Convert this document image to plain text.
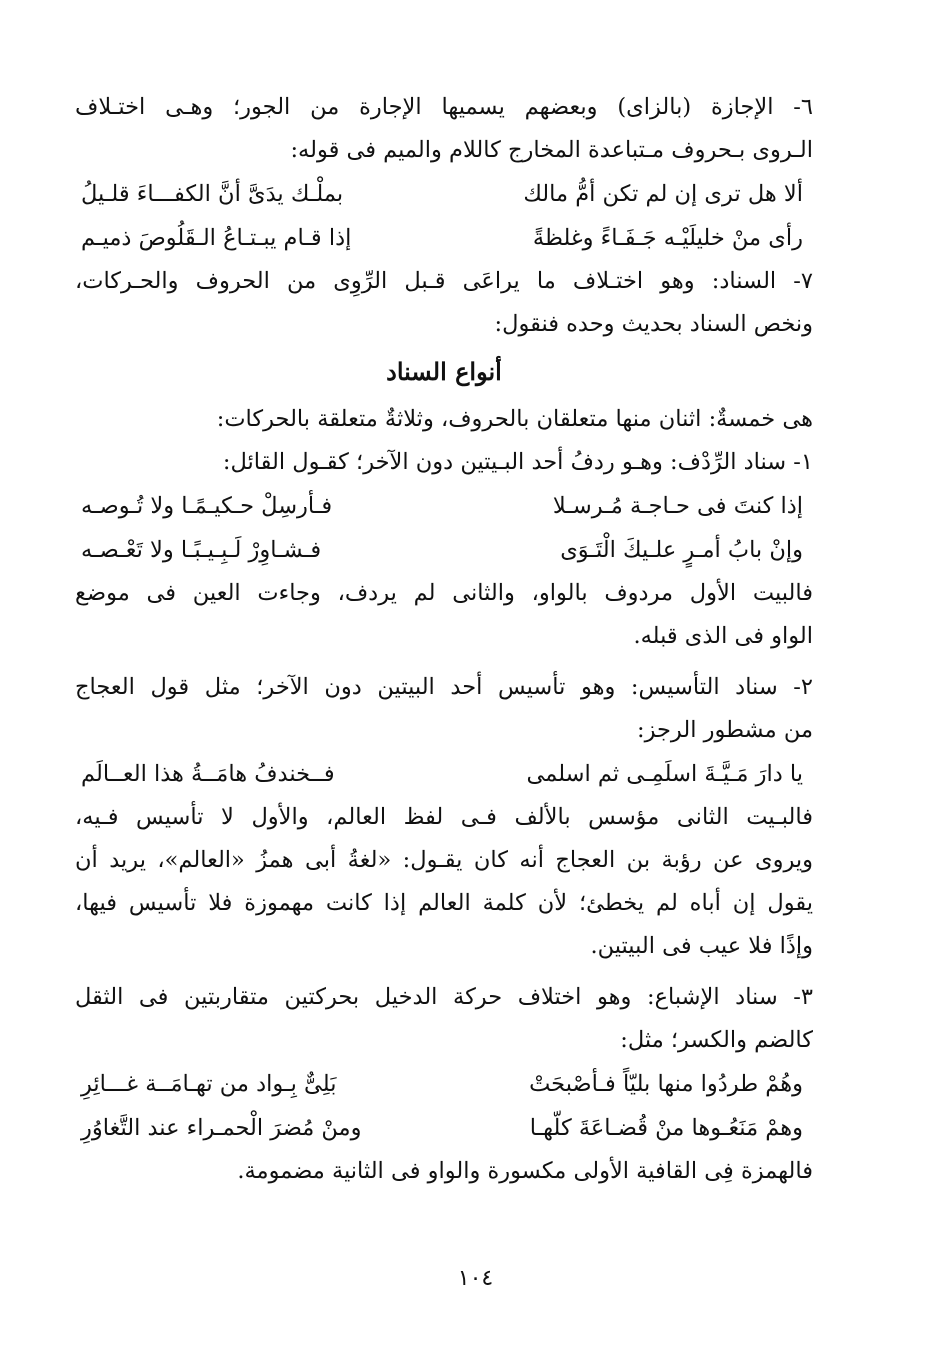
٦- الإجازة (بالزاى) وبعضهم يسميها الإجارة من الجور؛ وهـى اختـلاف
الـروى بـحروف مـتباعدة المخارج كاللام والميم فى قوله:
ألا هل ترى إن لم تكن أمُّ مالك
بملْـك يدَىَّ أنَّ الكفـــاءَ قلـيلُ
رأى منْ خليلَيْـه جَـفَـاءً وغلظةً
إذا قـام يبـتـاعُ الـقَلُوصَ ذميـم
٧- السناد: وهو اختـلاف ما يراعَى قـبل الرِّوِى من الحروف والحـركات،
ونخص السناد بحديث وحده فنقول:
أنواع السناد
هى خمسةٌ: اثنان منها متعلقان بالحروف، وثلاثةٌ متعلقة بالحركات:
١- سناد الرِّدْف: وهـو ردفُ أحد البـيتين دون الآخر؛ كقـول القائل:
إذا كنتَ فى حـاجـة مُـرسـلا
فـأرسِلْ حـكيـمًـا ولا تُـوصـه
وإنْ بابُ أمـرٍ علـيكَ الْتَـوَى
فـشـاوِرْ لَـبِـيـبًـا ولا تَعْـصـه
فالبيت الأول مردوف بالواو، والثانى لم يردف، وجاءت العين فى موضع
الواو فى الذى قبله.
٢- سناد التأسيس: وهو تأسيس أحد البيتين دون الآخر؛ مثل قول العجاج
من مشطور الرجز:
يا دارَ مَـيَّـةَ اسلَمِـى ثم اسلمى
فــخندفُ هامَــةُ هذا العــالَم
فالبـيت الثانى مؤسس بالألف فـى لفظ العالم، والأول لا تأسيس فـيه،
ويروى عن رؤبة بن العجاج أنه كان يقـول: «لغةُ أبى همزُ «العالم»، يريد أن
يقول إن أباه لم يخطئ؛ لأن كلمة العالم إذا كانت مهموزة فلا تأسيس فيها،
وإذًا فلا عيب فى البيتين.
٣- سناد الإشباع: وهو اختلاف حركة الدخيل بحركتين متقاربتين فى الثقل
كالضم والكسر؛ مثل:
وهُمْ طردُوا منها بليّاً فـأصْبحَتْ
بَلِىٌّ بِـواد من تهـامَــة غـــائِرِ
وهمْ مَنَعُـوها منْ قُضـاعَةَ كلّهـا
ومنْ مُضرَ الْحمـراء عند التَّغاوُرِ
فالهمزة فِى القافية الأولى مكسورة والواو فى الثانية مضمومة.
١٠٤
